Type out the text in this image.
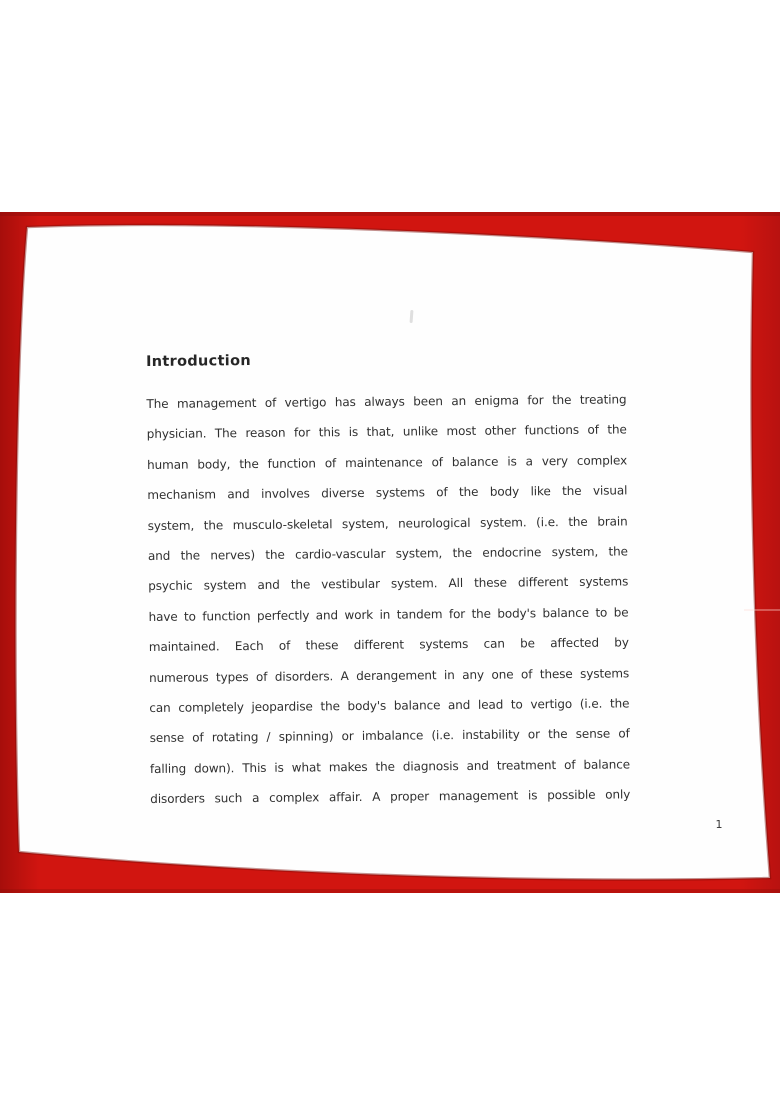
Introduction
The management of vertigo has always been an enigma for the treating
physician. The reason for this is that, unlike most other functions of the
human body, the function of maintenance of balance is a very complex
mechanism and involves diverse systems of the body like the visual
system, the musculo-skeletal system, neurological system. (i.e. the brain
and the nerves) the cardio-vascular system, the endocrine system, the
psychic system and the vestibular system. All these different systems
have to function perfectly and work in tandem for the body's balance to be
maintained. Each of these different systems can be affected by
numerous types of disorders. A derangement in any one of these systems
can completely jeopardise the body's balance and lead to vertigo (i.e. the
sense of rotating / spinning) or imbalance (i.e. instability or the sense of
falling down). This is what makes the diagnosis and treatment of balance
disorders such a complex affair. A proper management is possible only
1
